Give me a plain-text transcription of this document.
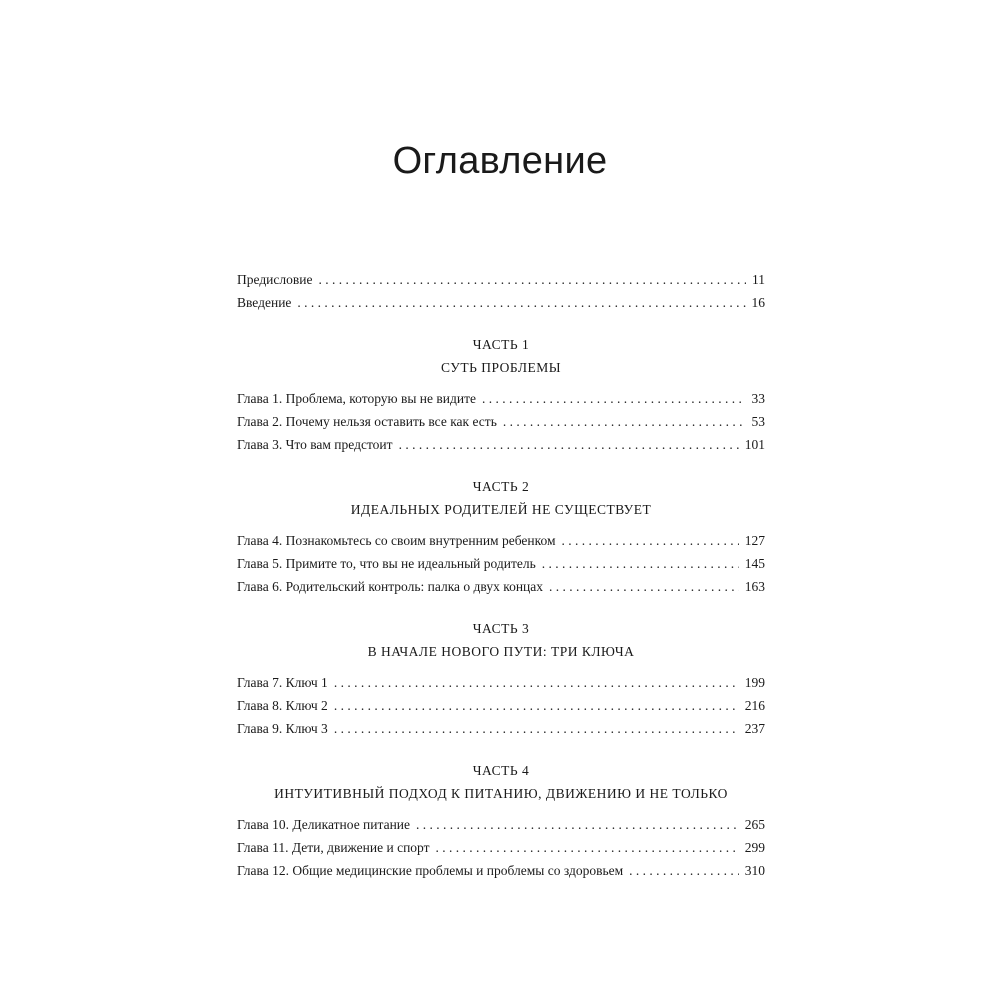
Оглавление
Предисловие . . .	11
Введение . . .	16
ЧАСТЬ 1
СУТЬ ПРОБЛЕМЫ
Глава 1. Проблема, которую вы не видите . . .	33
Глава 2. Почему нельзя оставить все как есть . . .	53
Глава 3. Что вам предстоит . . .	101
ЧАСТЬ 2
ИДЕАЛЬНЫХ РОДИТЕЛЕЙ НЕ СУЩЕСТВУЕТ
Глава 4. Познакомьтесь со своим внутренним ребенком . . .	127
Глава 5. Примите то, что вы не идеальный родитель . . .	145
Глава 6. Родительский контроль: палка о двух концах . . .	163
ЧАСТЬ 3
В НАЧАЛЕ НОВОГО ПУТИ: ТРИ КЛЮЧА
Глава 7. Ключ 1 . . .	199
Глава 8. Ключ 2 . . .	216
Глава 9. Ключ 3 . . .	237
ЧАСТЬ 4
ИНТУИТИВНЫЙ ПОДХОД К ПИТАНИЮ, ДВИЖЕНИЮ И НЕ ТОЛЬКО
Глава 10. Деликатное питание . . .	265
Глава 11. Дети, движение и спорт . . .	299
Глава 12. Общие медицинские проблемы и проблемы со здоровьем . . .	310
